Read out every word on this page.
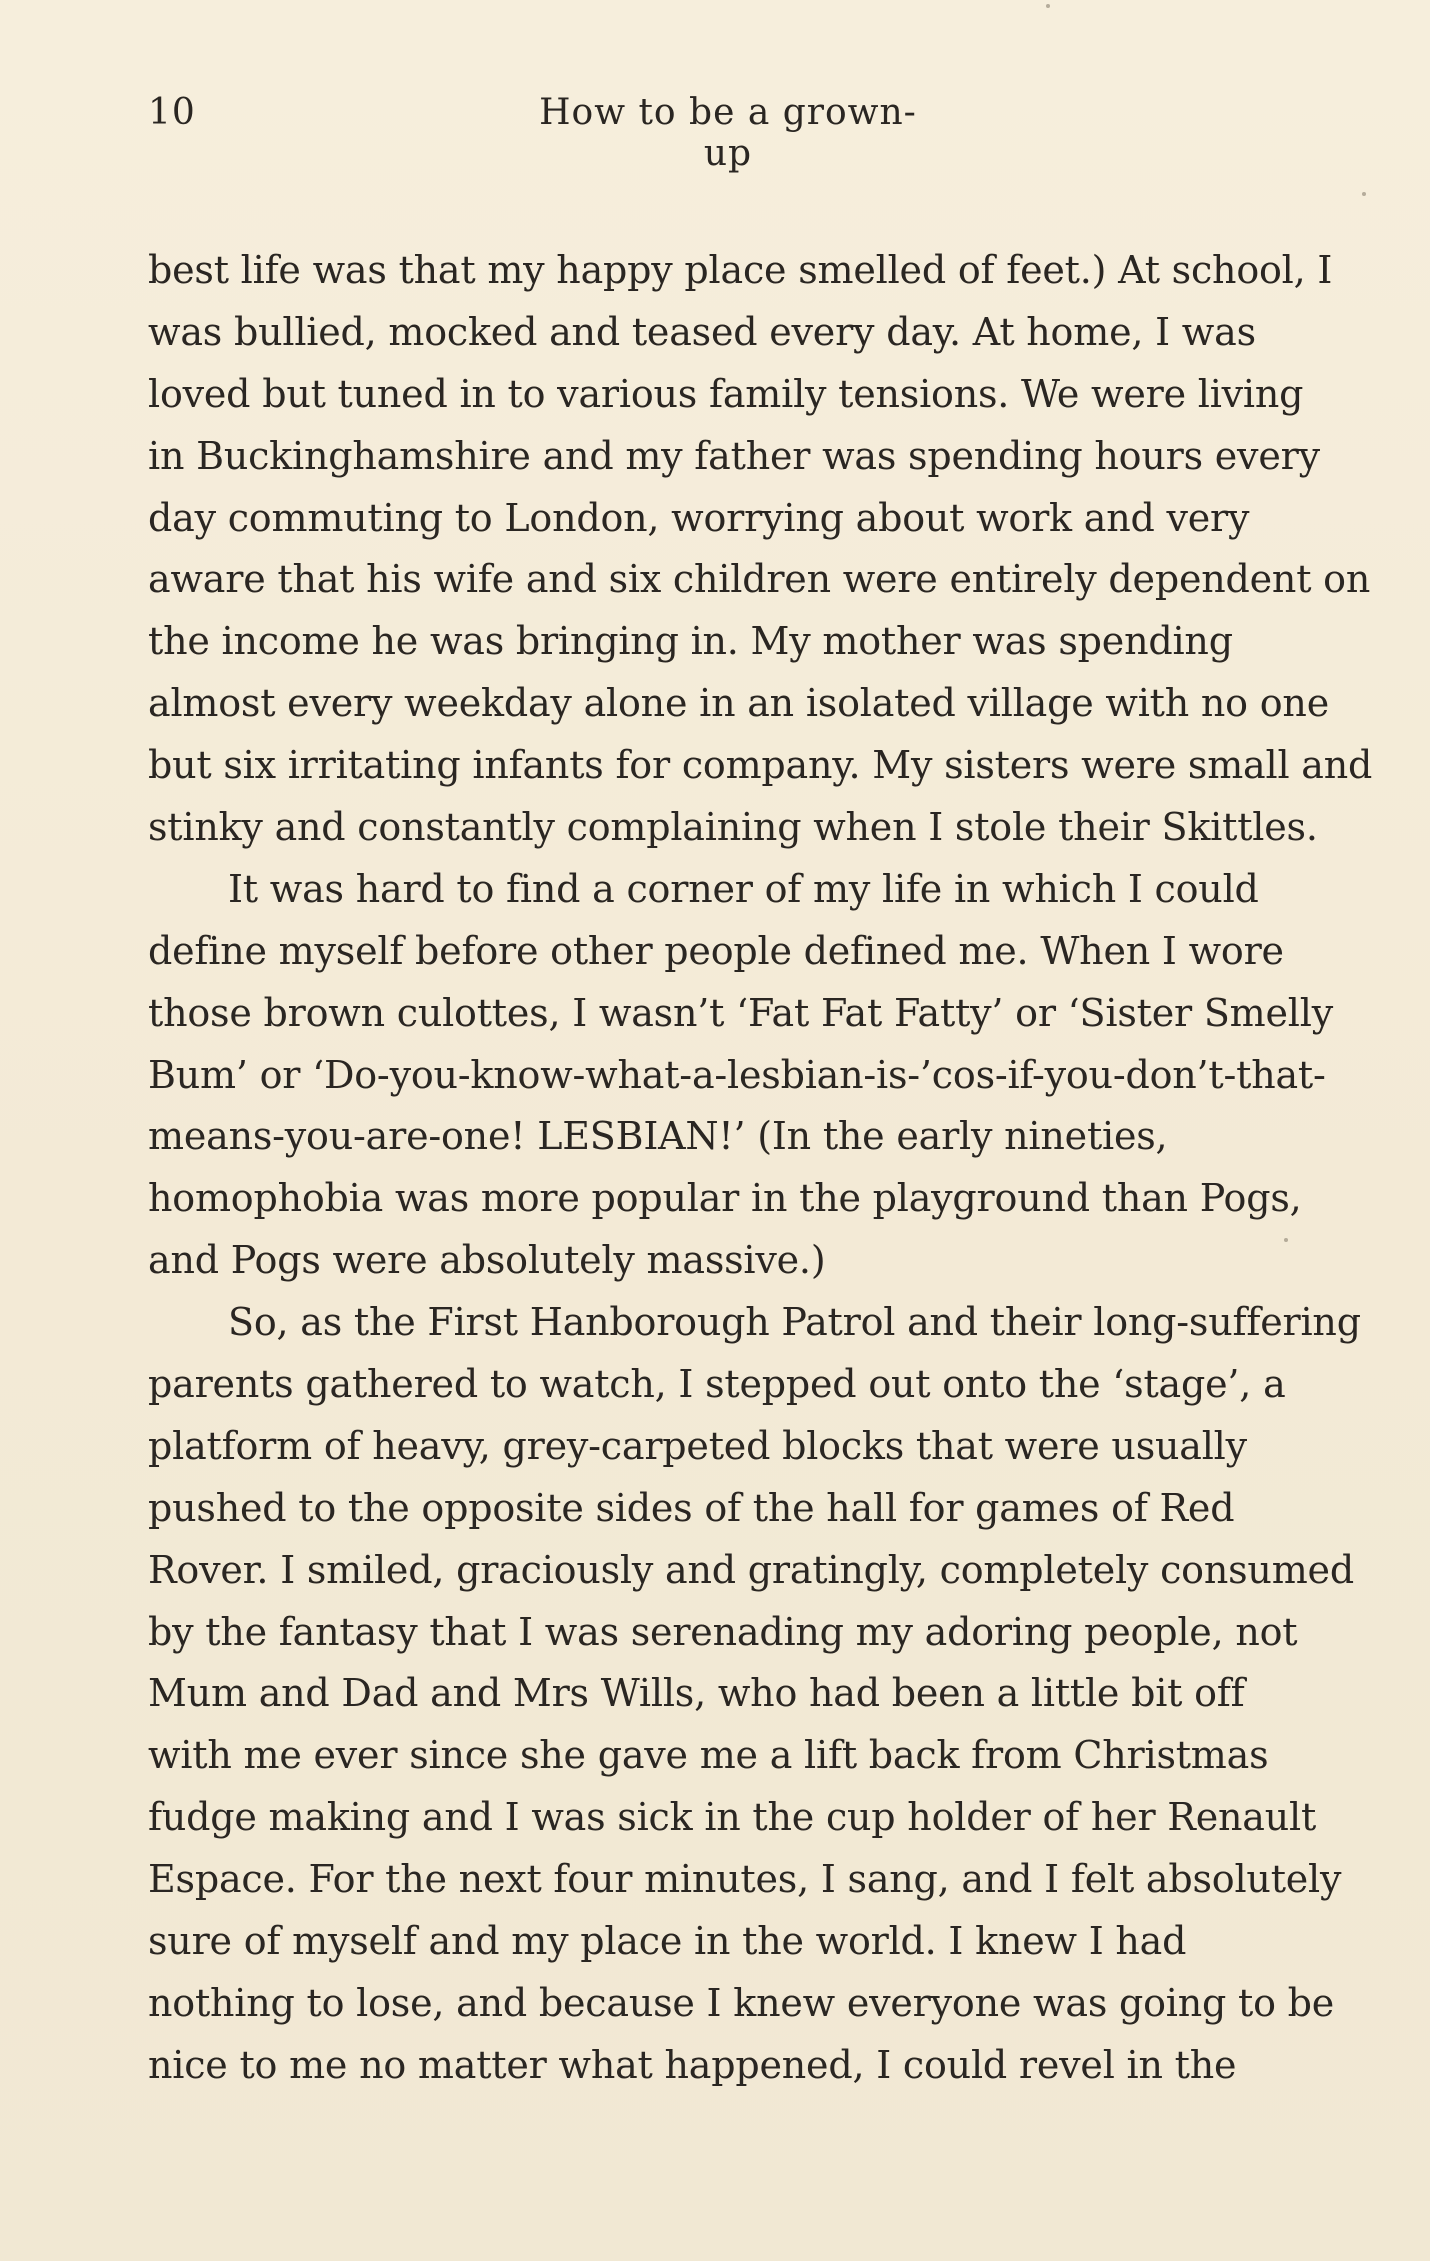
10	How to be a grown-up
best life was that my happy place smelled of feet.) At school, I
was bullied, mocked and teased every day. At home, I was
loved but tuned in to various family tensions. We were living
in Buckinghamshire and my father was spending hours every
day commuting to London, worrying about work and very
aware that his wife and six children were entirely dependent on
the income he was bringing in. My mother was spending
almost every weekday alone in an isolated village with no one
but six irritating infants for company. My sisters were small and
stinky and constantly complaining when I stole their Skittles.
It was hard to find a corner of my life in which I could
define myself before other people defined me. When I wore
those brown culottes, I wasn’t ‘Fat Fat Fatty’ or ‘Sister Smelly
Bum’ or ‘Do-you-know-what-a-lesbian-is-’cos-if-you-don’t-that-
means-you-are-one! LESBIAN!’ (In the early nineties,
homophobia was more popular in the playground than Pogs,
and Pogs were absolutely massive.)
So, as the First Hanborough Patrol and their long-suffering
parents gathered to watch, I stepped out onto the ‘stage’, a
platform of heavy, grey-carpeted blocks that were usually
pushed to the opposite sides of the hall for games of Red
Rover. I smiled, graciously and gratingly, completely consumed
by the fantasy that I was serenading my adoring people, not
Mum and Dad and Mrs Wills, who had been a little bit off
with me ever since she gave me a lift back from Christmas
fudge making and I was sick in the cup holder of her Renault
Espace. For the next four minutes, I sang, and I felt absolutely
sure of myself and my place in the world. I knew I had
nothing to lose, and because I knew everyone was going to be
nice to me no matter what happened, I could revel in the
